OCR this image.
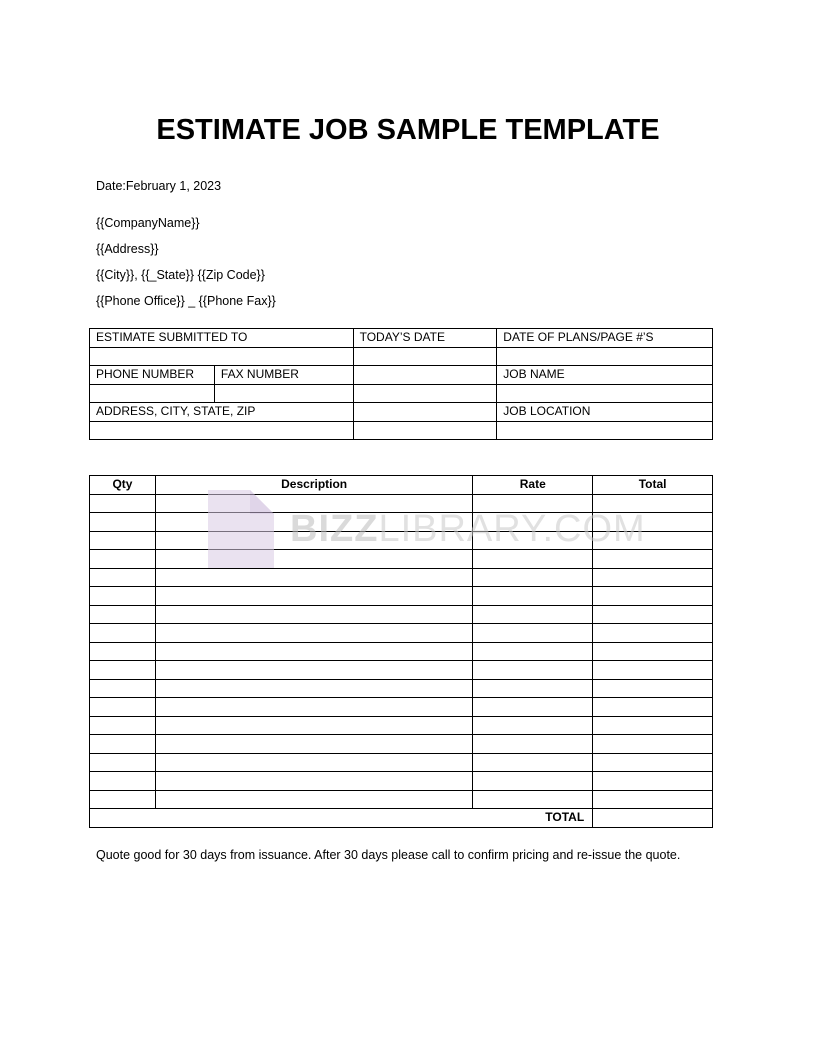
ESTIMATE JOB SAMPLE TEMPLATE
Date:February 1, 2023
{{CompanyName}}
{{Address}}
{{City}}, {{_State}} {{Zip Code}}
{{Phone Office}} _ {{Phone Fax}}
ESTIMATE SUBMITTED TO		TODAY’S DATE	DATE OF PLANS/PAGE #’S

PHONE NUMBER	FAX NUMBER		JOB NAME

ADDRESS, CITY, STATE, ZIP			JOB LOCATION

Qty	Description	Rate	Total

TOTAL			
BIZZLIBRARY.COM
Quote good for 30 days from issuance. After 30 days please call to confirm pricing and re-issue the quote.
